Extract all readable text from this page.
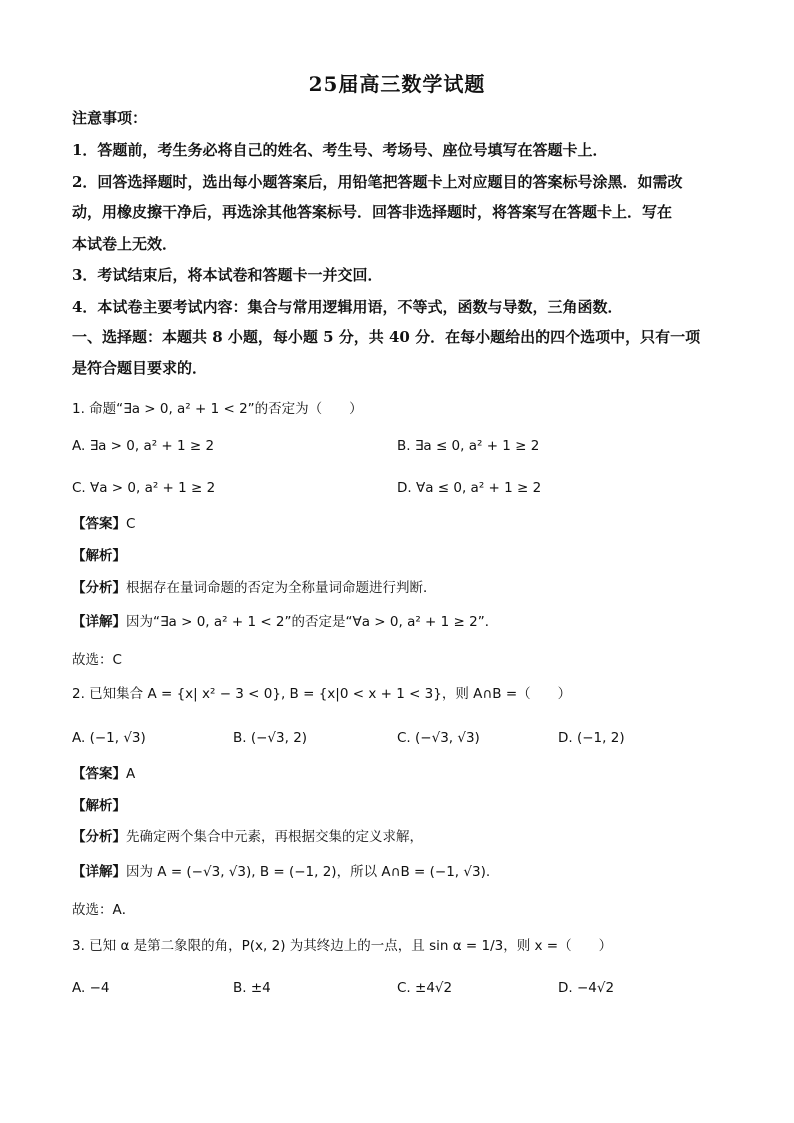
25届高三数学试题
注意事项：
1．答题前，考生务必将自己的姓名、考生号、考场号、座位号填写在答题卡上．
2．回答选择题时，选出每小题答案后，用铅笔把答题卡上对应题目的答案标号涂黑．如需改
动，用橡皮擦干净后，再选涂其他答案标号．回答非选择题时，将答案写在答题卡上．写在
本试卷上无效．
3．考试结束后，将本试卷和答题卡一并交回．
4．本试卷主要考试内容：集合与常用逻辑用语，不等式，函数与导数，三角函数．
一、选择题：本题共 8 小题，每小题 5 分，共 40 分．在每小题给出的四个选项中，只有一项
是符合题目要求的．
1. 命题“∃a > 0, a² + 1 < 2”的否定为（　　）
A. ∃a > 0, a² + 1 ≥ 2	B. ∃a ≤ 0, a² + 1 ≥ 2
C. ∀a > 0, a² + 1 ≥ 2	D. ∀a ≤ 0, a² + 1 ≥ 2
【答案】C
【解析】
【分析】根据存在量词命题的否定为全称量词命题进行判断．
【详解】因为“∃a > 0, a² + 1 < 2”的否定是“∀a > 0, a² + 1 ≥ 2”．
故选：C
2. 已知集合 A = {x| x² − 3 < 0}, B = {x|0 < x + 1 < 3}，则 A∩B =（　　）
A. (−1, √3)	B. (−√3, 2)	C. (−√3, √3)	D. (−1, 2)
【答案】A
【解析】
【分析】先确定两个集合中元素，再根据交集的定义求解，
【详解】因为 A = (−√3, √3), B = (−1, 2)，所以 A∩B = (−1, √3).
故选：A．
3. 已知 α 是第二象限的角，P(x, 2) 为其终边上的一点，且 sin α = 1/3，则 x =（　　）
A. −4	B. ±4	C. ±4√2	D. −4√2
